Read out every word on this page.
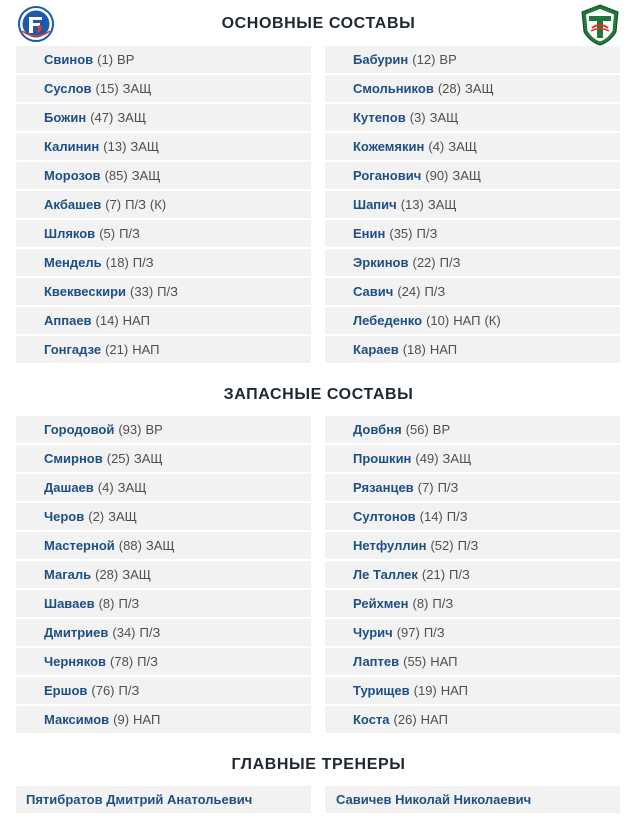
ОСНОВНЫЕ СОСТАВЫ
Свинов (1) ВР
Суслов (15) ЗАЩ
Божин (47) ЗАЩ
Калинин (13) ЗАЩ
Морозов (85) ЗАЩ
Акбашев (7) П/З (К)
Шляков (5) П/З
Мендель (18) П/З
Квеквескири (33) П/З
Аппаев (14) НАП
Гонгадзе (21) НАП
Бабурин (12) ВР
Смольников (28) ЗАЩ
Кутепов (3) ЗАЩ
Кожемякин (4) ЗАЩ
Роганович (90) ЗАЩ
Шапич (13) ЗАЩ
Енин (35) П/З
Эркинов (22) П/З
Савич (24) П/З
Лебеденко (10) НАП (К)
Караев (18) НАП
ЗАПАСНЫЕ СОСТАВЫ
Городовой (93) ВР
Смирнов (25) ЗАЩ
Дашаев (4) ЗАЩ
Черов (2) ЗАЩ
Мастерной (88) ЗАЩ
Магаль (28) ЗАЩ
Шаваев (8) П/З
Дмитриев (34) П/З
Черняков (78) П/З
Ершов (76) П/З
Максимов (9) НАП
Довбня (56) ВР
Прошкин (49) ЗАЩ
Рязанцев (7) П/З
Султонов (14) П/З
Нетфуллин (52) П/З
Ле Таллек (21) П/З
Рейхмен (8) П/З
Чурич (97) П/З
Лаптев (55) НАП
Турищев (19) НАП
Коста (26) НАП
ГЛАВНЫЕ ТРЕНЕРЫ
Пятибратов Дмитрий Анатольевич	Савичев Николай Николаевич
